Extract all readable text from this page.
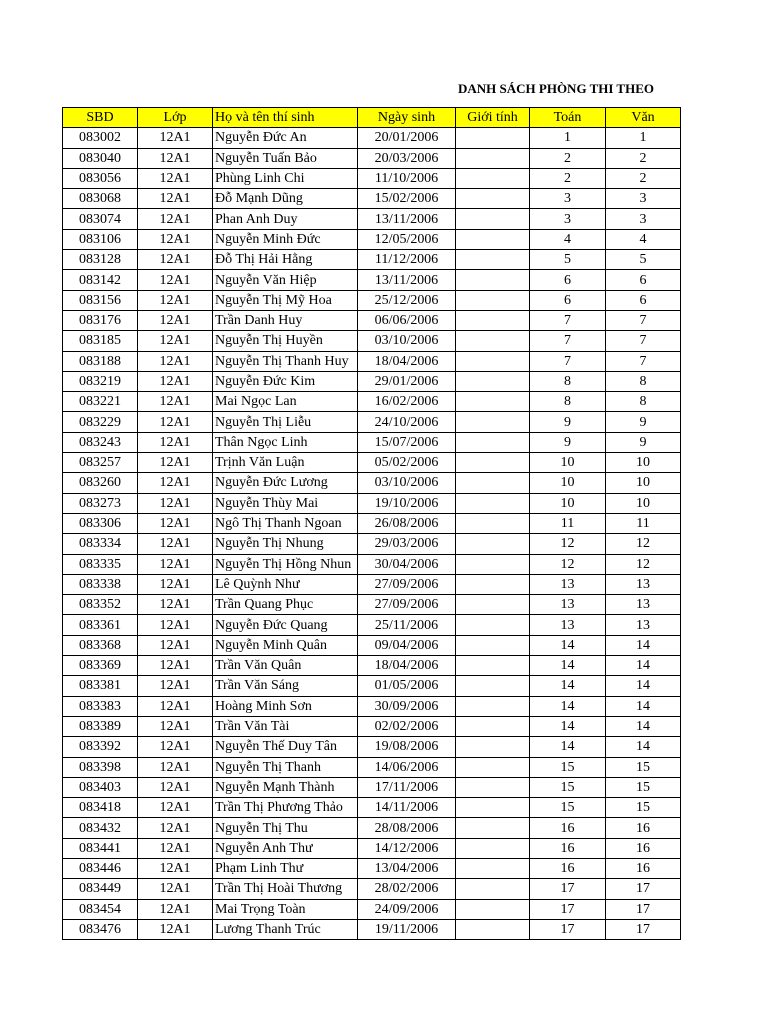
DANH SÁCH PHÒNG THI THEO
SBD	Lớp	Họ và tên thí sinh	Ngày sinh	Giới tính	Toán	Văn
083002	12A1	Nguyễn Đức An	20/01/2006		1	1
083040	12A1	Nguyễn Tuấn Bảo	20/03/2006		2	2
083056	12A1	Phùng Linh Chi	11/10/2006		2	2
083068	12A1	Đỗ Mạnh Dũng	15/02/2006		3	3
083074	12A1	Phan Anh Duy	13/11/2006		3	3
083106	12A1	Nguyễn Minh Đức	12/05/2006		4	4
083128	12A1	Đỗ Thị Hải Hằng	11/12/2006		5	5
083142	12A1	Nguyễn Văn Hiệp	13/11/2006		6	6
083156	12A1	Nguyễn Thị Mỹ Hoa	25/12/2006		6	6
083176	12A1	Trần Danh Huy	06/06/2006		7	7
083185	12A1	Nguyễn Thị Huyền	03/10/2006		7	7
083188	12A1	Nguyễn Thị Thanh Huy	18/04/2006		7	7
083219	12A1	Nguyễn Đức Kim	29/01/2006		8	8
083221	12A1	Mai Ngọc Lan	16/02/2006		8	8
083229	12A1	Nguyễn Thị Liễu	24/10/2006		9	9
083243	12A1	Thân Ngọc Linh	15/07/2006		9	9
083257	12A1	Trịnh Văn Luận	05/02/2006		10	10
083260	12A1	Nguyễn Đức Lương	03/10/2006		10	10
083273	12A1	Nguyễn Thùy Mai	19/10/2006		10	10
083306	12A1	Ngô Thị Thanh Ngoan	26/08/2006		11	11
083334	12A1	Nguyễn Thị Nhung	29/03/2006		12	12
083335	12A1	Nguyễn Thị Hồng Nhun	30/04/2006		12	12
083338	12A1	Lê Quỳnh Như	27/09/2006		13	13
083352	12A1	Trần Quang Phục	27/09/2006		13	13
083361	12A1	Nguyễn Đức Quang	25/11/2006		13	13
083368	12A1	Nguyễn Minh Quân	09/04/2006		14	14
083369	12A1	Trần Văn Quân	18/04/2006		14	14
083381	12A1	Trần Văn Sáng	01/05/2006		14	14
083383	12A1	Hoàng Minh Sơn	30/09/2006		14	14
083389	12A1	Trần Văn Tài	02/02/2006		14	14
083392	12A1	Nguyễn Thế Duy Tân	19/08/2006		14	14
083398	12A1	Nguyễn Thị Thanh	14/06/2006		15	15
083403	12A1	Nguyễn Mạnh Thành	17/11/2006		15	15
083418	12A1	Trần Thị Phương Thảo	14/11/2006		15	15
083432	12A1	Nguyễn Thị Thu	28/08/2006		16	16
083441	12A1	Nguyễn Anh Thư	14/12/2006		16	16
083446	12A1	Phạm Linh Thư	13/04/2006		16	16
083449	12A1	Trần Thị Hoài Thương	28/02/2006		17	17
083454	12A1	Mai Trọng Toàn	24/09/2006		17	17
083476	12A1	Lương Thanh Trúc	19/11/2006		17	17
